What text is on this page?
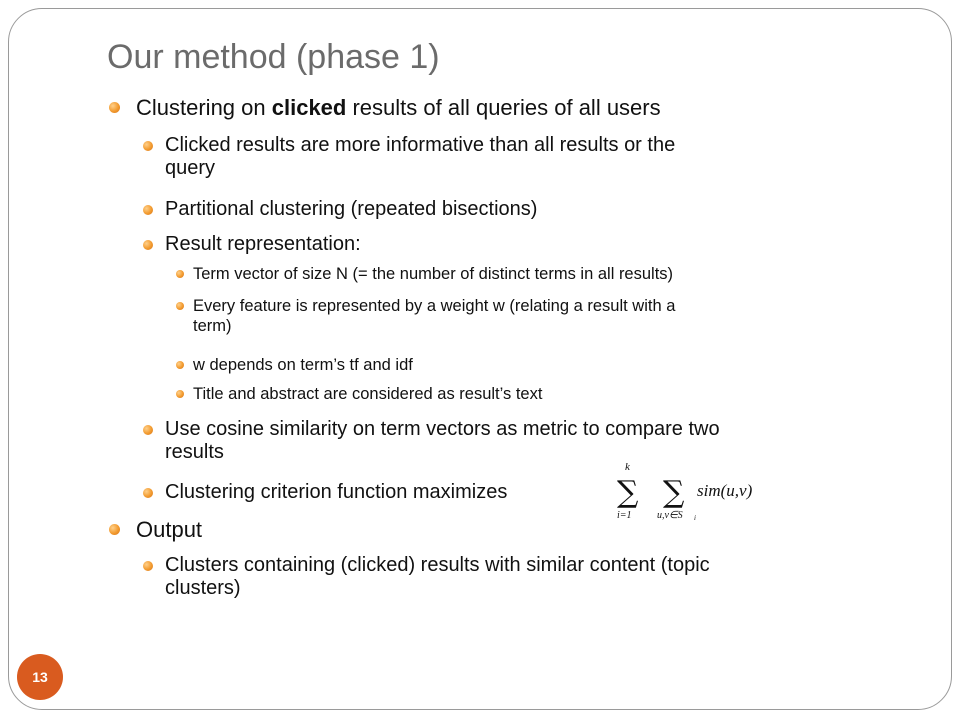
Our method (phase 1)
Clustering on clicked results of all queries of all users
Clicked results are more informative than all results or the
query
Partitional clustering (repeated bisections)
Result representation:
Term vector of size N (= the number of distinct terms in all results)
Every feature is represented by a weight w (relating a result with a
term)
w depends on term’s tf and idf
Title and abstract are considered as result’s text
Use cosine similarity on term vectors as metric to compare two
results
Clustering criterion function maximizes
k
∑
i=1
∑
u,v∈S i
sim(u,v)
Output
Clusters containing (clicked) results with similar content (topic
clusters)
13
